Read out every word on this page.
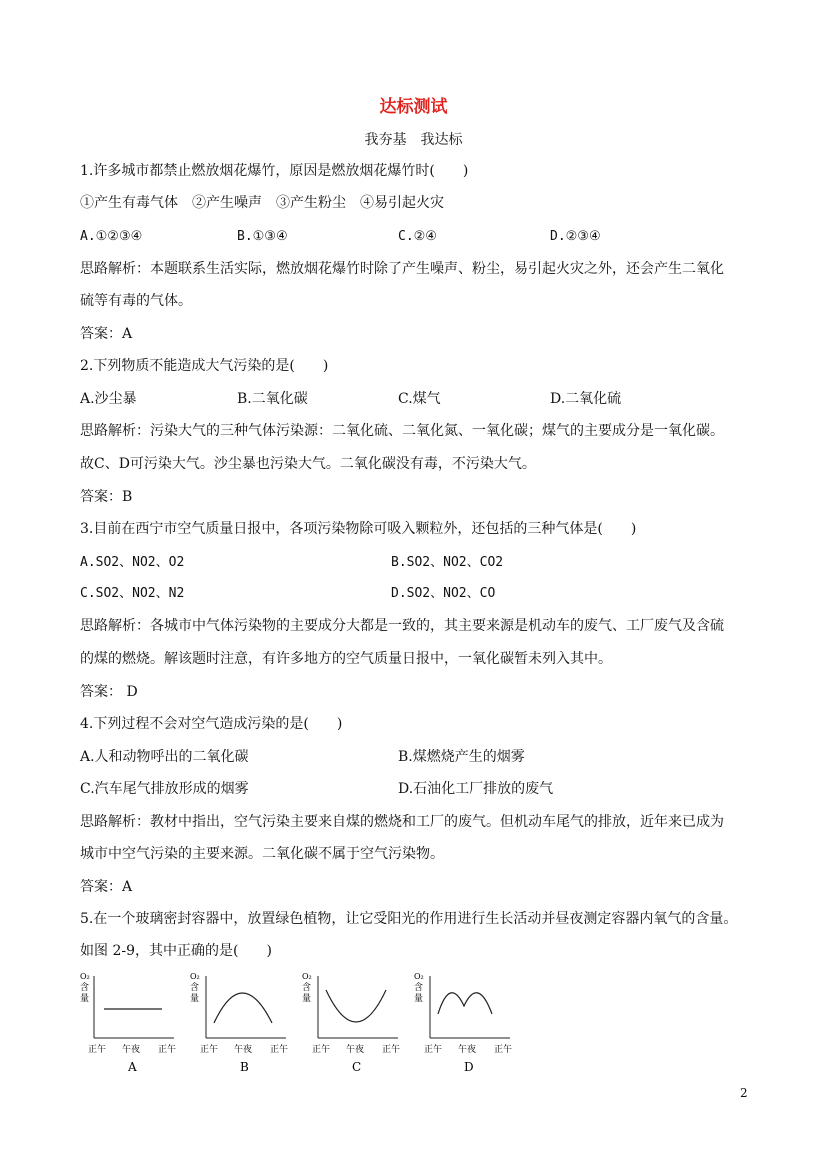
达标测试
我夯基　我达标
1.许多城市都禁止燃放烟花爆竹，原因是燃放烟花爆竹时(　　)
①产生有毒气体　②产生噪声　③产生粉尘　④易引起火灾
A.①②③④	B.①③④	C.②④	D.②③④
思路解析：本题联系生活实际，燃放烟花爆竹时除了产生噪声、粉尘，易引起火灾之外，还会产生二氧化
硫等有毒的气体。
答案：A
2.下列物质不能造成大气污染的是(　　)
A.沙尘暴	B.二氧化碳	C.煤气	D.二氧化硫
思路解析：污染大气的三种气体污染源：二氧化硫、二氧化氮、一氧化碳；煤气的主要成分是一氧化碳。
故C、D可污染大气。沙尘暴也污染大气。二氧化碳没有毒，不污染大气。
答案：B
3.目前在西宁市空气质量日报中，各项污染物除可吸入颗粒外，还包括的三种气体是(　　)
A.SO2、NO2、O2	B.SO2、NO2、CO2
C.SO2、NO2、N2	D.SO2、NO2、CO
思路解析：各城市中气体污染物的主要成分大都是一致的，其主要来源是机动车的废气、工厂废气及含硫
的煤的燃烧。解该题时注意，有许多地方的空气质量日报中，一氧化碳暂未列入其中。
答案： D
4.下列过程不会对空气造成污染的是(　　)
A.人和动物呼出的二氧化碳	B.煤燃烧产生的烟雾
C.汽车尾气排放形成的烟雾	D.石油化工厂排放的废气
思路解析：教材中指出，空气污染主要来自煤的燃烧和工厂的废气。但机动车尾气的排放，近年来已成为
城市中空气污染的主要来源。二氧化碳不属于空气污染物。
答案：A
5.在一个玻璃密封容器中，放置绿色植物，让它受阳光的作用进行生长活动并昼夜测定容器内氧气的含量。
如图 2-9，其中正确的是(　　)
O₂
含
量
正午 午夜 正午
A
O₂
含
量
正午 午夜 正午
B
O₂
含
量
正午 午夜 正午
C
O₂
含
量
正午 午夜 正午
D
2
